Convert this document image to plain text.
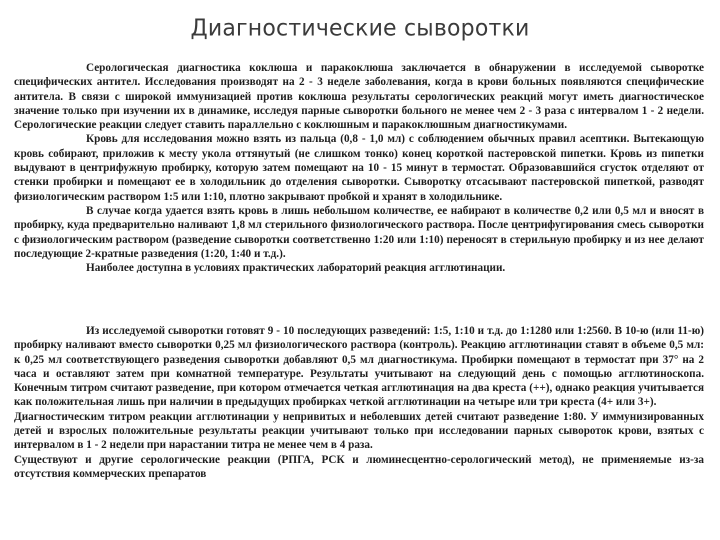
Диагностические сыворотки

Серологическая диагностика коклюша и паракоклюша заключается в обнаружении в исследуемой сыворотке специфических антител. Исследования производят на 2 - 3 неделе заболевания, когда в крови больных появляются специфические антитела. В связи с широкой иммунизацией против коклюша результаты серологических реакций могут иметь диагностическое значение только при изучении их в динамике, исследуя парные сыворотки больного не менее чем 2 - 3 раза с интервалом 1 - 2 недели. Серологические реакции следует ставить параллельно с коклюшным и паракоклюшным диагностикумами.

Кровь для исследования можно взять из пальца (0,8 - 1,0 мл) с соблюдением обычных правил асептики. Вытекающую кровь собирают, приложив к месту укола оттянутый (не слишком тонко) конец короткой пастеровской пипетки. Кровь из пипетки выдувают в центрифужную пробирку, которую затем помещают на 10 - 15 минут в термостат. Образовавшийся сгусток отделяют от стенки пробирки и помещают ее в холодильник до отделения сыворотки. Сыворотку отсасывают пастеровской пипеткой, разводят физиологическим раствором 1:5 или 1:10, плотно закрывают пробкой и хранят в холодильнике.

В случае когда удается взять кровь в лишь небольшом количестве, ее набирают в количестве 0,2 или 0,5 мл и вносят в пробирку, куда предварительно наливают 1,8 мл стерильного физиологического раствора. После центрифугирования смесь сыворотки с физиологическим раствором (разведение сыворотки соответственно 1:20 или 1:10) переносят в стерильную пробирку и из нее делают последующие 2-кратные разведения (1:20, 1:40 и т.д.).

Наиболее доступна в условиях практических лабораторий реакция агглютинации.

Из исследуемой сыворотки готовят 9 - 10 последующих разведений: 1:5, 1:10 и т.д. до 1:1280 или 1:2560. В 10-ю (или 11-ю) пробирку наливают вместо сыворотки 0,25 мл физиологического раствора (контроль). Реакцию агглютинации ставят в объеме 0,5 мл: к 0,25 мл соответствующего разведения сыворотки добавляют 0,5 мл диагностикума. Пробирки помещают в термостат при 37° на 2 часа и оставляют затем при комнатной температуре. Результаты учитывают на следующий день с помощью агглютиноскопа. Конечным титром считают разведение, при котором отмечается четкая агглютинация на два креста (++), однако реакция учитывается как положительная лишь при наличии в предыдущих пробирках четкой агглютинации на четыре или три креста (4+ или 3+).

Диагностическим титром реакции агглютинации у непривитых и неболевших детей считают разведение 1:80. У иммунизированных детей и взрослых положительные результаты реакции учитывают только при исследовании парных сывороток крови, взятых с интервалом в 1 - 2 недели при нарастании титра не менее чем в 4 раза.

Существуют и другие серологические реакции (РПГА, РСК и люминесцентно-серологический метод), не применяемые из-за отсутствия коммерческих препаратов
